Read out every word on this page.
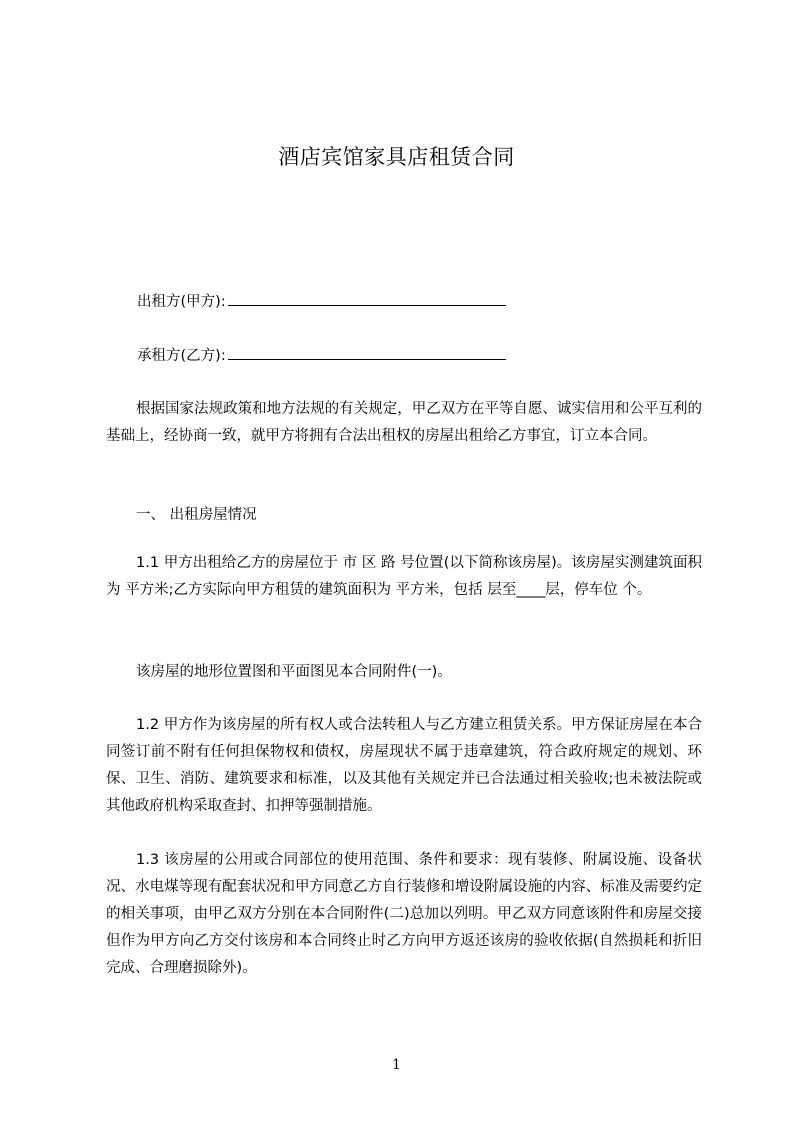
酒店宾馆家具店租赁合同
出租方(甲方):
承租方(乙方):
根据国家法规政策和地方法规的有关规定，甲乙双方在平等自愿、诚实信用和公平互利的基础上，经协商一致，就甲方将拥有合法出租权的房屋出租给乙方事宜，订立本合同。
一、 出租房屋情况
1.1 甲方出租给乙方的房屋位于 市 区 路 号位置(以下简称该房屋)。该房屋实测建筑面积为 平方米;乙方实际向甲方租赁的建筑面积为 平方米，包括 层至____层，停车位 个。
该房屋的地形位置图和平面图见本合同附件(一)。
1.2 甲方作为该房屋的所有权人或合法转租人与乙方建立租赁关系。甲方保证房屋在本合同签订前不附有任何担保物权和债权，房屋现状不属于违章建筑，符合政府规定的规划、环保、卫生、消防、建筑要求和标准，以及其他有关规定并已合法通过相关验收;也未被法院或其他政府机构采取查封、扣押等强制措施。
1.3 该房屋的公用或合同部位的使用范围、条件和要求：现有装修、附属设施、设备状况、水电煤等现有配套状况和甲方同意乙方自行装修和增设附属设施的内容、标准及需要约定的相关事项，由甲乙双方分别在本合同附件(二)总加以列明。甲乙双方同意该附件和房屋交接但作为甲方向乙方交付该房和本合同终止时乙方向甲方返还该房的验收依据(自然损耗和折旧完成、合理磨损除外)。
1
